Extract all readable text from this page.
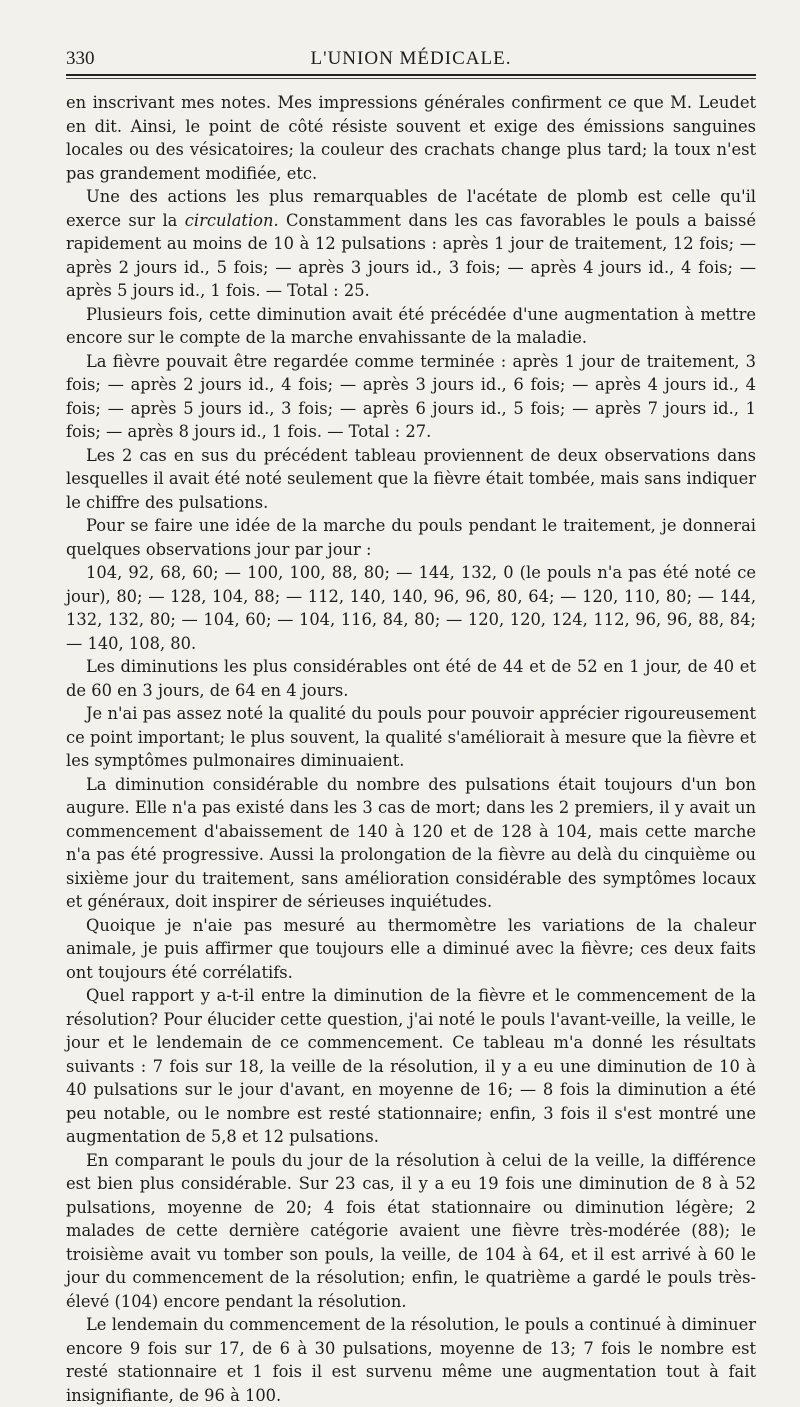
330	L'UNION MÉDICALE.

en inscrivant mes notes. Mes impressions générales confirment ce que M. Leudet en dit. Ainsi, le point de côté résiste souvent et exige des émissions sanguines locales ou des vésicatoires; la couleur des crachats change plus tard; la toux n'est pas grandement modifiée, etc.

Une des actions les plus remarquables de l'acétate de plomb est celle qu'il exerce sur la circulation. Constamment dans les cas favorables le pouls a baissé rapidement au moins de 10 à 12 pulsations : après 1 jour de traitement, 12 fois; — après 2 jours id., 5 fois; — après 3 jours id., 3 fois; — après 4 jours id., 4 fois; — après 5 jours id., 1 fois. — Total : 25.

Plusieurs fois, cette diminution avait été précédée d'une augmentation à mettre encore sur le compte de la marche envahissante de la maladie.

La fièvre pouvait être regardée comme terminée : après 1 jour de traitement, 3 fois; — après 2 jours id., 4 fois; — après 3 jours id., 6 fois; — après 4 jours id., 4 fois; — après 5 jours id., 3 fois; — après 6 jours id., 5 fois; — après 7 jours id., 1 fois; — après 8 jours id., 1 fois. — Total : 27.

Les 2 cas en sus du précédent tableau proviennent de deux observations dans lesquelles il avait été noté seulement que la fièvre était tombée, mais sans indiquer le chiffre des pulsations.

Pour se faire une idée de la marche du pouls pendant le traitement, je donnerai quelques observations jour par jour :

104, 92, 68, 60; — 100, 100, 88, 80; — 144, 132, 0 (le pouls n'a pas été noté ce jour), 80; — 128, 104, 88; — 112, 140, 140, 96, 96, 80, 64; — 120, 110, 80; — 144, 132, 132, 80; — 104, 60; — 104, 116, 84, 80; — 120, 120, 124, 112, 96, 96, 88, 84; — 140, 108, 80.

Les diminutions les plus considérables ont été de 44 et de 52 en 1 jour, de 40 et de 60 en 3 jours, de 64 en 4 jours.

Je n'ai pas assez noté la qualité du pouls pour pouvoir apprécier rigoureusement ce point important; le plus souvent, la qualité s'améliorait à mesure que la fièvre et les symptômes pulmonaires diminuaient.

La diminution considérable du nombre des pulsations était toujours d'un bon augure. Elle n'a pas existé dans les 3 cas de mort; dans les 2 premiers, il y avait un commencement d'abaissement de 140 à 120 et de 128 à 104, mais cette marche n'a pas été progressive. Aussi la prolongation de la fièvre au delà du cinquième ou sixième jour du traitement, sans amélioration considérable des symptômes locaux et généraux, doit inspirer de sérieuses inquiétudes.

Quoique je n'aie pas mesuré au thermomètre les variations de la chaleur animale, je puis affirmer que toujours elle a diminué avec la fièvre; ces deux faits ont toujours été corrélatifs.

Quel rapport y a-t-il entre la diminution de la fièvre et le commencement de la résolution? Pour élucider cette question, j'ai noté le pouls l'avant-veille, la veille, le jour et le lendemain de ce commencement. Ce tableau m'a donné les résultats suivants : 7 fois sur 18, la veille de la résolution, il y a eu une diminution de 10 à 40 pulsations sur le jour d'avant, en moyenne de 16; — 8 fois la diminution a été peu notable, ou le nombre est resté stationnaire; enfin, 3 fois il s'est montré une augmentation de 5,8 et 12 pulsations.

En comparant le pouls du jour de la résolution à celui de la veille, la différence est bien plus considérable. Sur 23 cas, il y a eu 19 fois une diminution de 8 à 52 pulsations, moyenne de 20; 4 fois état stationnaire ou diminution légère; 2 malades de cette dernière catégorie avaient une fièvre très-modérée (88); le troisième avait vu tomber son pouls, la veille, de 104 à 64, et il est arrivé à 60 le jour du commencement de la résolution; enfin, le quatrième a gardé le pouls très-élevé (104) encore pendant la résolution.

Le lendemain du commencement de la résolution, le pouls a continué à diminuer encore 9 fois sur 17, de 6 à 30 pulsations, moyenne de 13; 7 fois le nombre est resté stationnaire et 1 fois il est survenu même une augmentation tout à fait insignifiante, de 96 à 100.
